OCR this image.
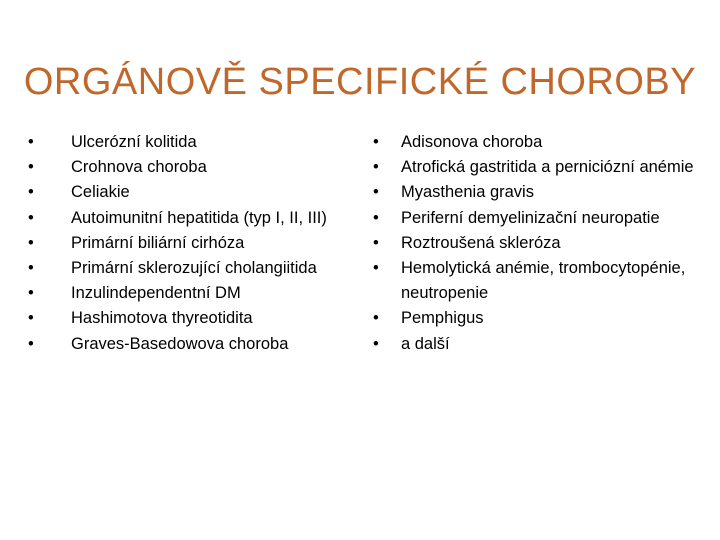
ORGÁNOVĚ SPECIFICKÉ CHOROBY
•	Ulcerózní kolitida
•	Crohnova choroba
•	Celiakie
•	Autoimunitní hepatitida (typ I, II, III)
•	Primární biliární cirhóza
•	Primární sklerozující cholangiitida
•	Inzulindependentní DM
•	Hashimotova thyreotidita
•	Graves-Basedowova choroba
•	Adisonova choroba
•	Atrofická gastritida a perniciózní anémie
•	Myasthenia gravis
•	Periferní demyelinizační neuropatie
•	Roztroušená skleróza
•	Hemolytická anémie, trombocytopénie, neutropenie
•	Pemphigus
•	a další
